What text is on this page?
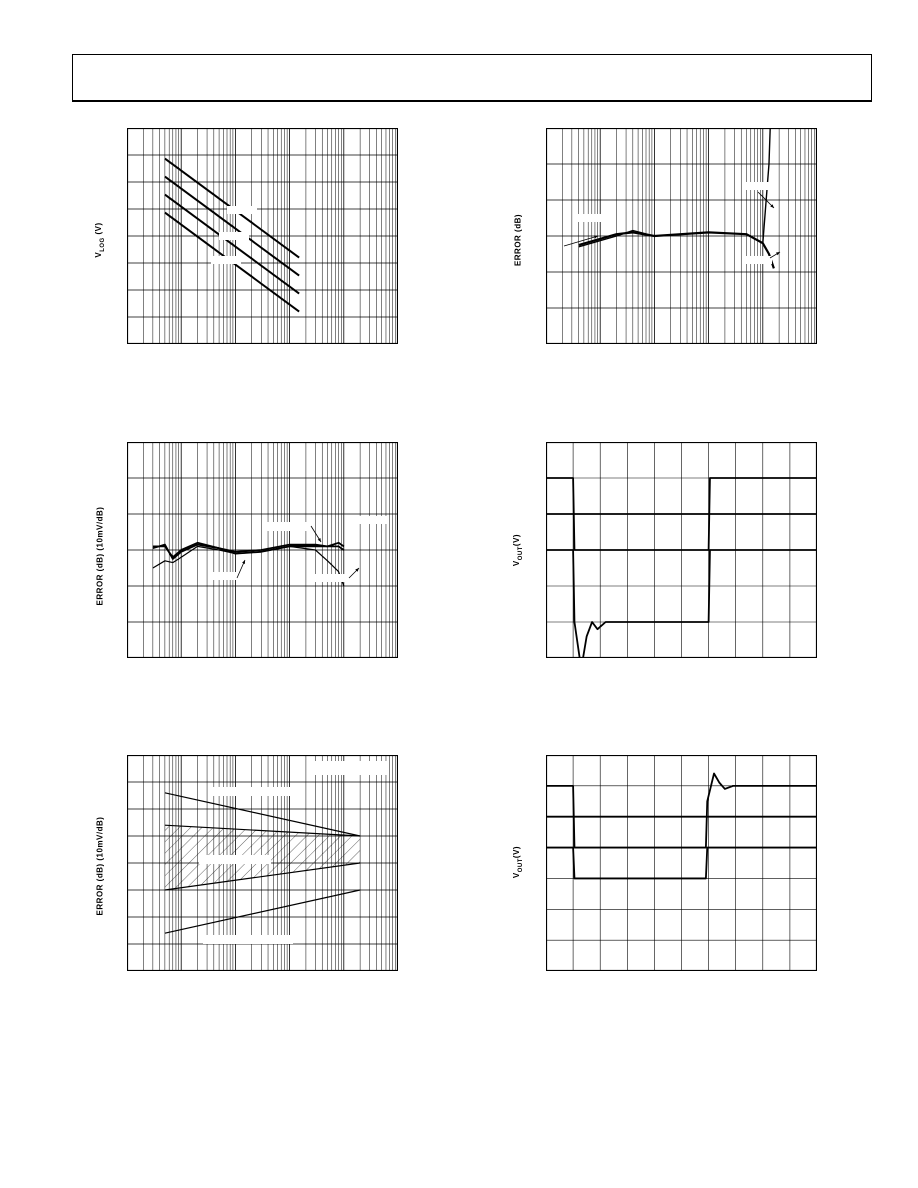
$V_{LOG}$ (V)	ERROR (dB)
ERROR (dB) (10mV/dB)	$V_{OUT}(V)$
ERROR (dB) (10mV/dB)	$V_{OUT}(V)$
